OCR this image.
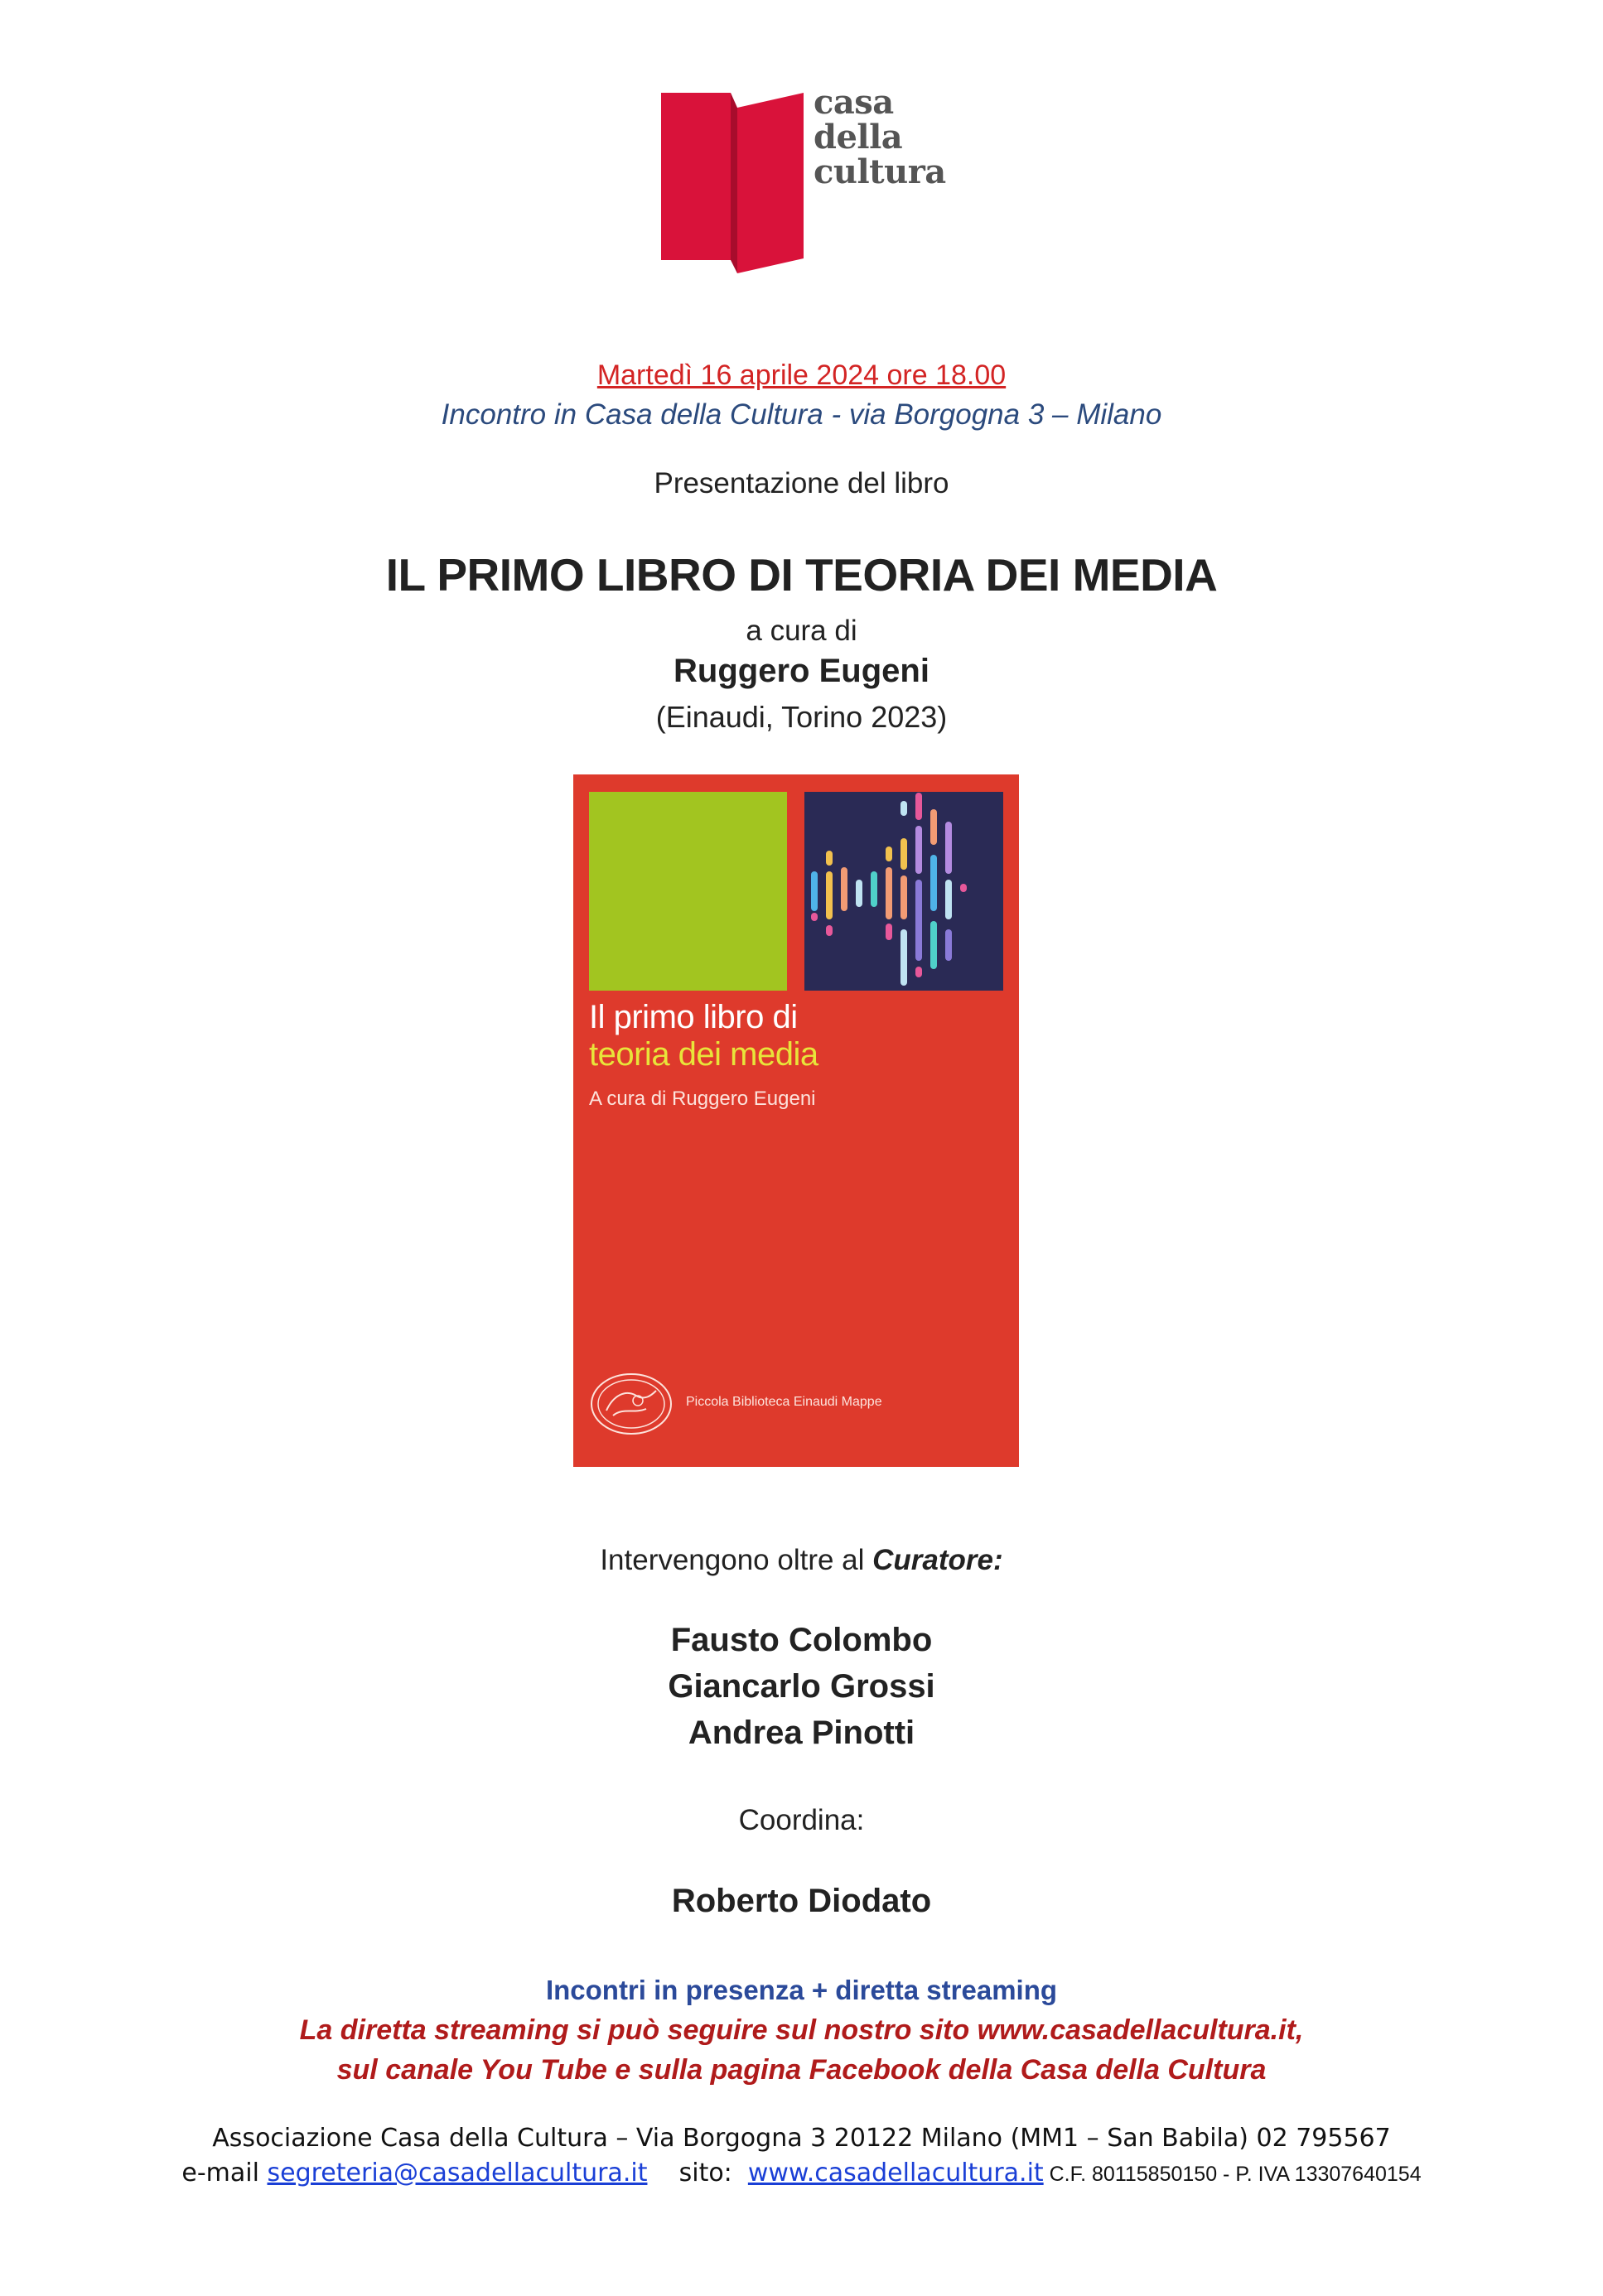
casa
della
cultura
Martedì 16 aprile 2024 ore 18.00
Incontro in Casa della Cultura - via Borgogna 3 – Milano
Presentazione del libro
IL PRIMO LIBRO DI TEORIA DEI MEDIA
a cura di
Ruggero Eugeni
(Einaudi, Torino 2023)
Il primo libro di
teoria dei media
A cura di Ruggero Eugeni
Piccola Biblioteca Einaudi Mappe
Intervengono oltre al Curatore:
Fausto Colombo
Giancarlo Grossi
Andrea Pinotti
Coordina:
Roberto Diodato
Incontri in presenza + diretta streaming
La diretta streaming si può seguire sul nostro sito www.casadellacultura.it,
sul canale You Tube e sulla pagina Facebook della Casa della Cultura
Associazione Casa della Cultura – Via Borgogna 3 20122 Milano (MM1 – San Babila) 02 795567
e-mail segreteria@casadellacultura.it    sito:  www.casadellacultura.it C.F. 80115850150 - P. IVA 13307640154
